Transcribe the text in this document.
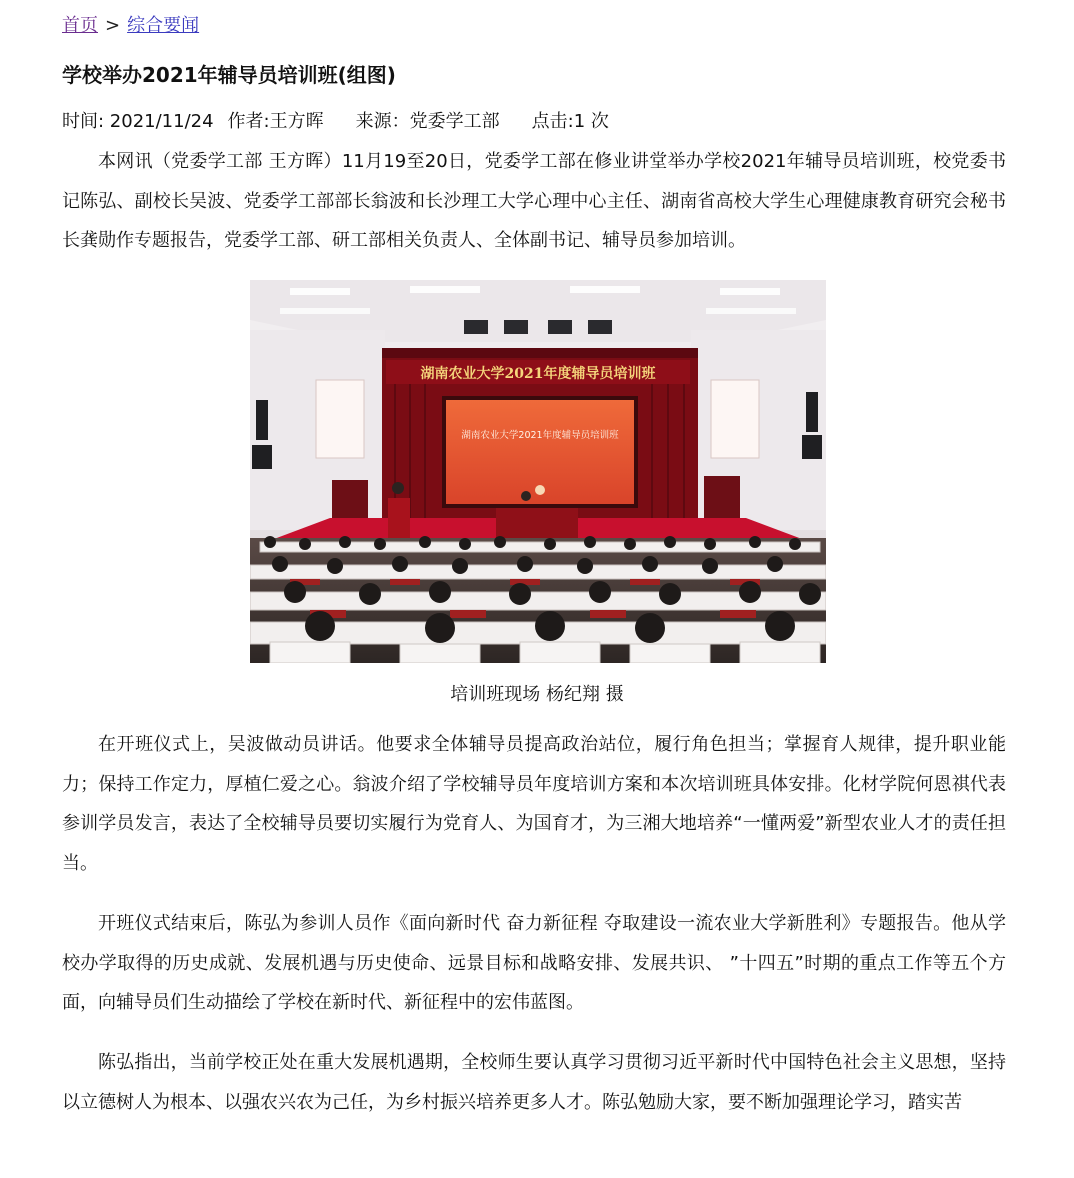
首页 > 综合要闻
学校举办2021年辅导员培训班(组图)
时间: 2021/11/24 作者:王方晖 来源：党委学工部 点击:1 次

本网讯（党委学工部 王方晖）11月19至20日，党委学工部在修业讲堂举办学校2021年辅导员培训班，校党委书记陈弘、副校长吴波、党委学工部部长翁波和长沙理工大学心理中心主任、湖南省高校大学生心理健康教育研究会秘书长龚勋作专题报告，党委学工部、研工部相关负责人、全体副书记、辅导员参加培训。

湖南农业大学2021年度辅导员培训班
湖南农业大学2021年度辅导员培训班
培训班现场 杨纪翔 摄

在开班仪式上，吴波做动员讲话。他要求全体辅导员提高政治站位，履行角色担当；掌握育人规律，提升职业能力；保持工作定力，厚植仁爱之心。翁波介绍了学校辅导员年度培训方案和本次培训班具体安排。化材学院何恩祺代表参训学员发言，表达了全校辅导员要切实履行为党育人、为国育才，为三湘大地培养“一懂两爱”新型农业人才的责任担当。

开班仪式结束后，陈弘为参训人员作《面向新时代 奋力新征程 夺取建设一流农业大学新胜利》专题报告。他从学校办学取得的历史成就、发展机遇与历史使命、远景目标和战略安排、发展共识、 ”十四五”时期的重点工作等五个方面，向辅导员们生动描绘了学校在新时代、新征程中的宏伟蓝图。

陈弘指出，当前学校正处在重大发展机遇期，全校师生要认真学习贯彻习近平新时代中国特色社会主义思想，坚持以立德树人为根本、以强农兴农为己任，为乡村振兴培养更多人才。陈弘勉励大家，要不断加强理论学习，踏实苦
